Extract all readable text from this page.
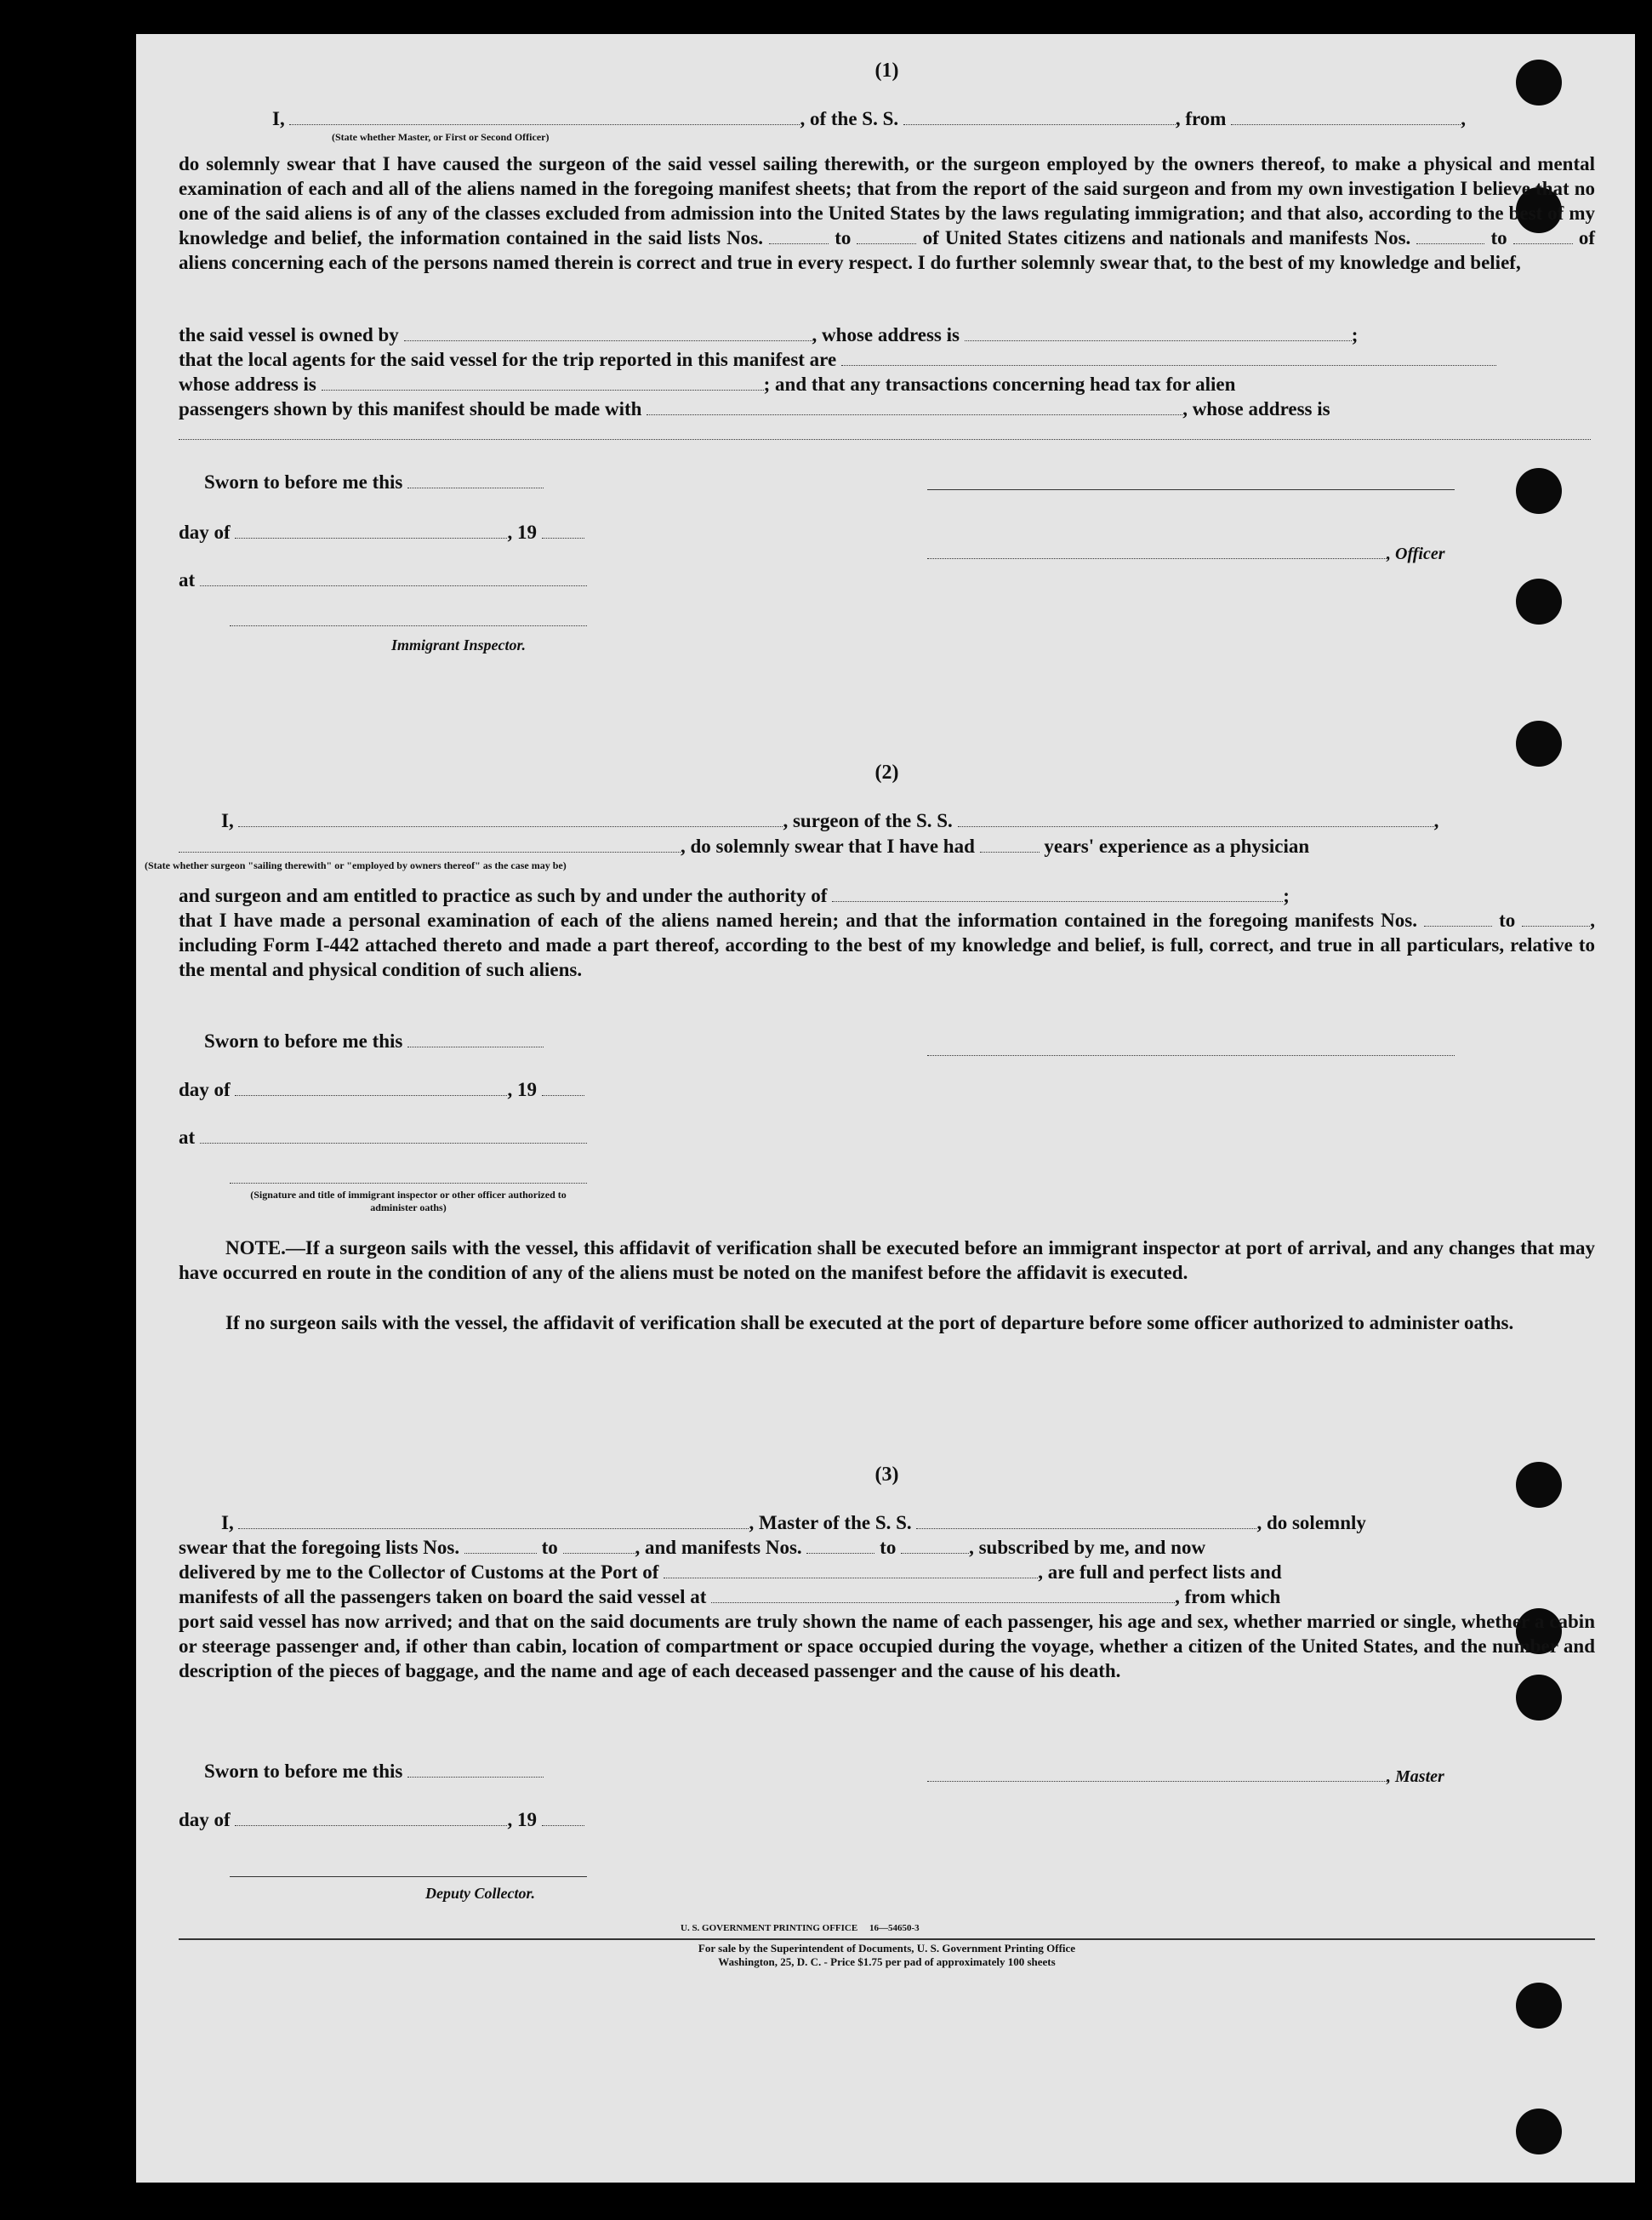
(1)
I,	, of the S. S.	, from	,
(State whether Master, or First or Second Officer)
do solemnly swear that I have caused the surgeon of the said vessel sailing therewith, or the surgeon employed by the owners thereof, to make a physical and mental examination of each and all of the aliens named in the foregoing manifest sheets; that from the report of the said surgeon and from my own investigation I believe that no one of the said aliens is of any of the classes excluded from admission into the United States by the laws regulating immigration; and that also, according to the best of my knowledge and belief, the information contained in the said lists Nos.	to	of United States citizens and nationals and manifests Nos.	to	of aliens concerning each of the persons named therein is correct and true in every respect. I do further solemnly swear that, to the best of my knowledge and belief,
the said vessel is owned by	, whose address is	;
that the local agents for the said vessel for the trip reported in this manifest are
whose address is	; and that any transactions concerning head tax for alien
passengers shown by this manifest should be made with	, whose address is
Sworn to before me this
day of	, 19
at
, Officer
Immigrant Inspector.
(2)
I,	, surgeon of the S. S.	,
, do solemnly swear that I have had	years' experience as a physician
(State whether surgeon "sailing therewith" or "employed by owners thereof" as the case may be)
and surgeon and am entitled to practice as such by and under the authority of	;
that I have made a personal examination of each of the aliens named herein; and that the information contained in the foregoing manifests Nos.	to	, including Form I-442 attached thereto and made a part thereof, according to the best of my knowledge and belief, is full, correct, and true in all particulars, relative to the mental and physical condition of such aliens.
Sworn to before me this
day of	, 19
at
(Signature and title of immigrant inspector or other officer authorized to administer oaths)
NOTE.—If a surgeon sails with the vessel, this affidavit of verification shall be executed before an immigrant inspector at port of arrival, and any changes that may have occurred en route in the condition of any of the aliens must be noted on the manifest before the affidavit is executed.
If no surgeon sails with the vessel, the affidavit of verification shall be executed at the port of departure before some officer authorized to administer oaths.
(3)
I,	, Master of the S. S.	, do solemnly
swear that the foregoing lists Nos.	to	, and manifests Nos.	to	, subscribed by me, and now
delivered by me to the Collector of Customs at the Port of	, are full and perfect lists and
manifests of all the passengers taken on board the said vessel at	, from which
port said vessel has now arrived; and that on the said documents are truly shown the name of each passenger, his age and sex, whether married or single, whether a cabin or steerage passenger and, if other than cabin, location of compartment or space occupied during the voyage, whether a citizen of the United States, and the number and description of the pieces of baggage, and the name and age of each deceased passenger and the cause of his death.
Sworn to before me this	, Master
day of	, 19
Deputy Collector.
U. S. GOVERNMENT PRINTING OFFICE     16—54650-3
For sale by the Superintendent of Documents, U. S. Government Printing Office
Washington, 25, D. C. - Price $1.75 per pad of approximately 100 sheets
